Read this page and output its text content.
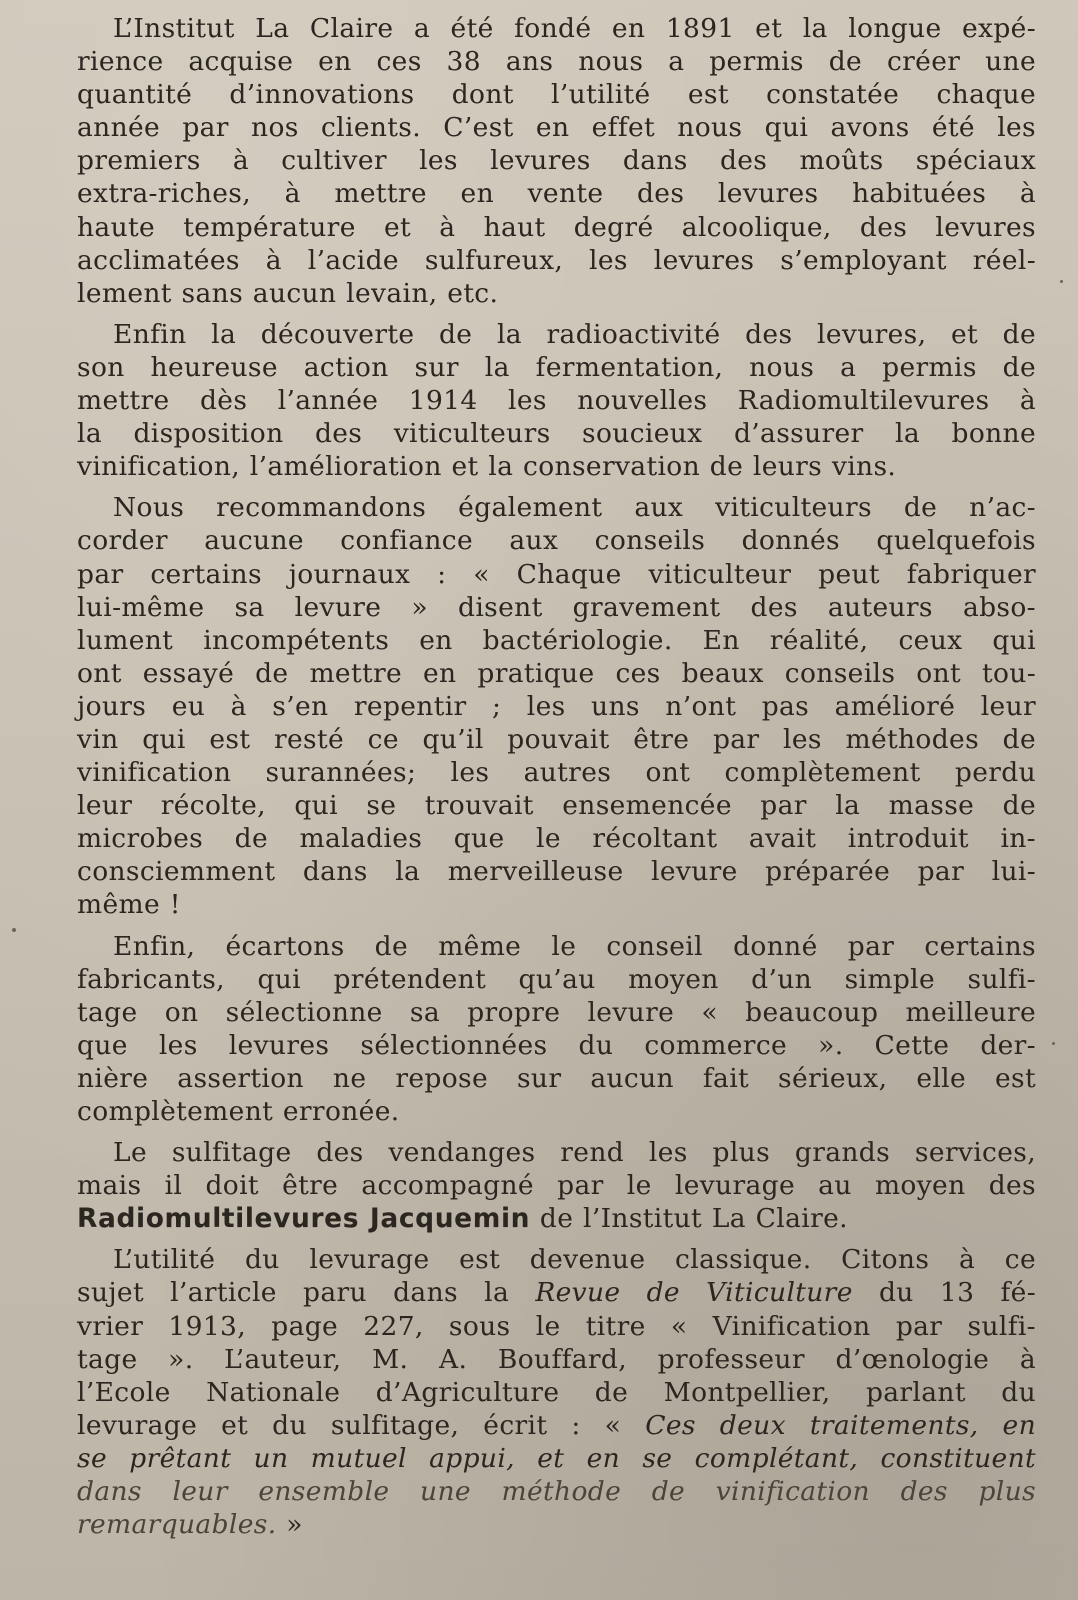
L’Institut La Claire a été fondé en 1891 et la longue expé-
rience acquise en ces 38 ans nous a permis de créer une
quantité d’innovations dont l’utilité est constatée chaque
année par nos clients. C’est en effet nous qui avons été les
premiers à cultiver les levures dans des moûts spéciaux
extra-riches, à mettre en vente des levures habituées à
haute température et à haut degré alcoolique, des levures
acclimatées à l’acide sulfureux, les levures s’employant réel-
lement sans aucun levain, etc.
Enfin la découverte de la radioactivité des levures, et de
son heureuse action sur la fermentation, nous a permis de
mettre dès l’année 1914 les nouvelles Radiomultilevures à
la disposition des viticulteurs soucieux d’assurer la bonne
vinification, l’amélioration et la conservation de leurs vins.
Nous recommandons également aux viticulteurs de n’ac-
corder aucune confiance aux conseils donnés quelquefois
par certains journaux : « Chaque viticulteur peut fabriquer
lui-même sa levure » disent gravement des auteurs abso-
lument incompétents en bactériologie. En réalité, ceux qui
ont essayé de mettre en pratique ces beaux conseils ont tou-
jours eu à s’en repentir ; les uns n’ont pas amélioré leur
vin qui est resté ce qu’il pouvait être par les méthodes de
vinification surannées; les autres ont complètement perdu
leur récolte, qui se trouvait ensemencée par la masse de
microbes de maladies que le récoltant avait introduit in-
consciemment dans la merveilleuse levure préparée par lui-
même !
Enfin, écartons de même le conseil donné par certains
fabricants, qui prétendent qu’au moyen d’un simple sulfi-
tage on sélectionne sa propre levure « beaucoup meilleure
que les levures sélectionnées du commerce ». Cette der-
nière assertion ne repose sur aucun fait sérieux, elle est
complètement erronée.
Le sulfitage des vendanges rend les plus grands services,
mais il doit être accompagné par le levurage au moyen des
Radiomultilevures Jacquemin de l’Institut La Claire.
L’utilité du levurage est devenue classique. Citons à ce
sujet l’article paru dans la Revue de Viticulture du 13 fé-
vrier 1913, page 227, sous le titre « Vinification par sulfi-
tage ». L’auteur, M. A. Bouffard, professeur d’œnologie à
l’Ecole Nationale d’Agriculture de Montpellier, parlant du
levurage et du sulfitage, écrit : « Ces deux traitements, en
se prêtant un mutuel appui, et en se complétant, constituent
dans leur ensemble une méthode de vinification des plus
remarquables. »
